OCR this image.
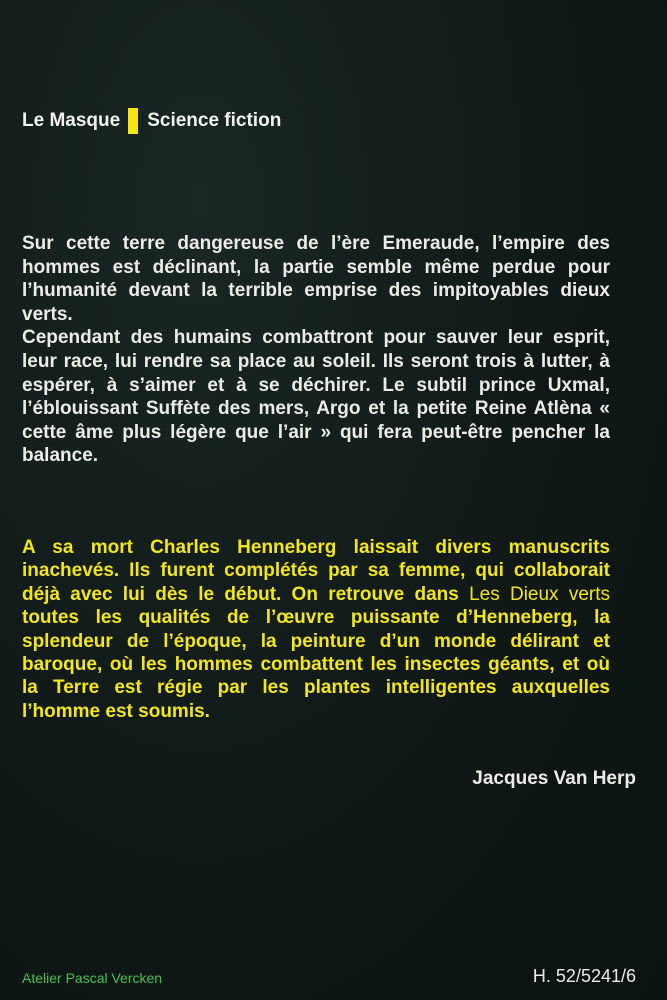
Le Masque Science fiction

Sur cette terre dangereuse de l’ère Emeraude, l’empire des hommes est déclinant, la partie semble même perdue pour l’humanité devant la terrible emprise des impitoyables dieux verts.

Cependant des humains combattront pour sauver leur esprit, leur race, lui rendre sa place au soleil. Ils seront trois à lutter, à espérer, à s’aimer et à se déchirer. Le subtil prince Uxmal, l’éblouissant Suffète des mers, Argo et la petite Reine Atlèna « cette âme plus légère que l’air » qui fera peut-être pencher la balance.

A sa mort Charles Henneberg laissait divers manuscrits inachevés. Ils furent complétés par sa femme, qui collaborait déjà avec lui dès le début. On retrouve dans Les Dieux verts toutes les qualités de l’œuvre puissante d’Henneberg, la splendeur de l’époque, la peinture d’un monde délirant et baroque, où les hommes combattent les insectes géants, et où la Terre est régie par les plantes intelligentes auxquelles l’homme est soumis.
Jacques Van Herp
Atelier Pascal Vercken	H. 52/5241/6
